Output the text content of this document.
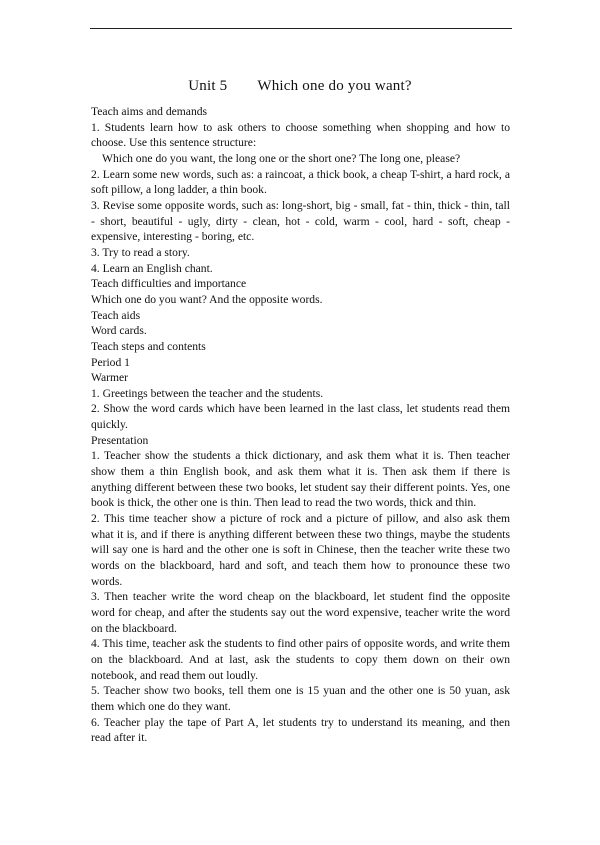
Unit 5 Which one do you want?

Teach aims and demands

1. Students learn how to ask others to choose something when shopping and how to choose. Use this sentence structure:

Which one do you want, the long one or the short one? The long one, please?

2. Learn some new words, such as: a raincoat, a thick book, a cheap T-shirt, a hard rock, a soft pillow, a long ladder, a thin book.

3. Revise some opposite words, such as: long-short, big - small, fat - thin, thick - thin, tall - short, beautiful - ugly, dirty - clean, hot - cold, warm - cool, hard - soft, cheap - expensive, interesting - boring, etc.

3. Try to read a story.

4. Learn an English chant.

Teach difficulties and importance

Which one do you want? And the opposite words.

Teach aids

Word cards.

Teach steps and contents

Period 1

Warmer

1. Greetings between the teacher and the students.

2. Show the word cards which have been learned in the last class, let students read them quickly.

Presentation

1. Teacher show the students a thick dictionary, and ask them what it is. Then teacher show them a thin English book, and ask them what it is. Then ask them if there is anything different between these two books, let student say their different points. Yes, one book is thick, the other one is thin. Then lead to read the two words, thick and thin.

2. This time teacher show a picture of rock and a picture of pillow, and also ask them what it is, and if there is anything different between these two things, maybe the students will say one is hard and the other one is soft in Chinese, then the teacher write these two words on the blackboard, hard and soft, and teach them how to pronounce these two words.

3. Then teacher write the word cheap on the blackboard, let student find the opposite word for cheap, and after the students say out the word expensive, teacher write the word on the blackboard.

4. This time, teacher ask the students to find other pairs of opposite words, and write them on the blackboard. And at last, ask the students to copy them down on their own notebook, and read them out loudly.

5. Teacher show two books, tell them one is 15 yuan and the other one is 50 yuan, ask them which one do they want.

6. Teacher play the tape of Part A, let students try to understand its meaning, and then read after it.
